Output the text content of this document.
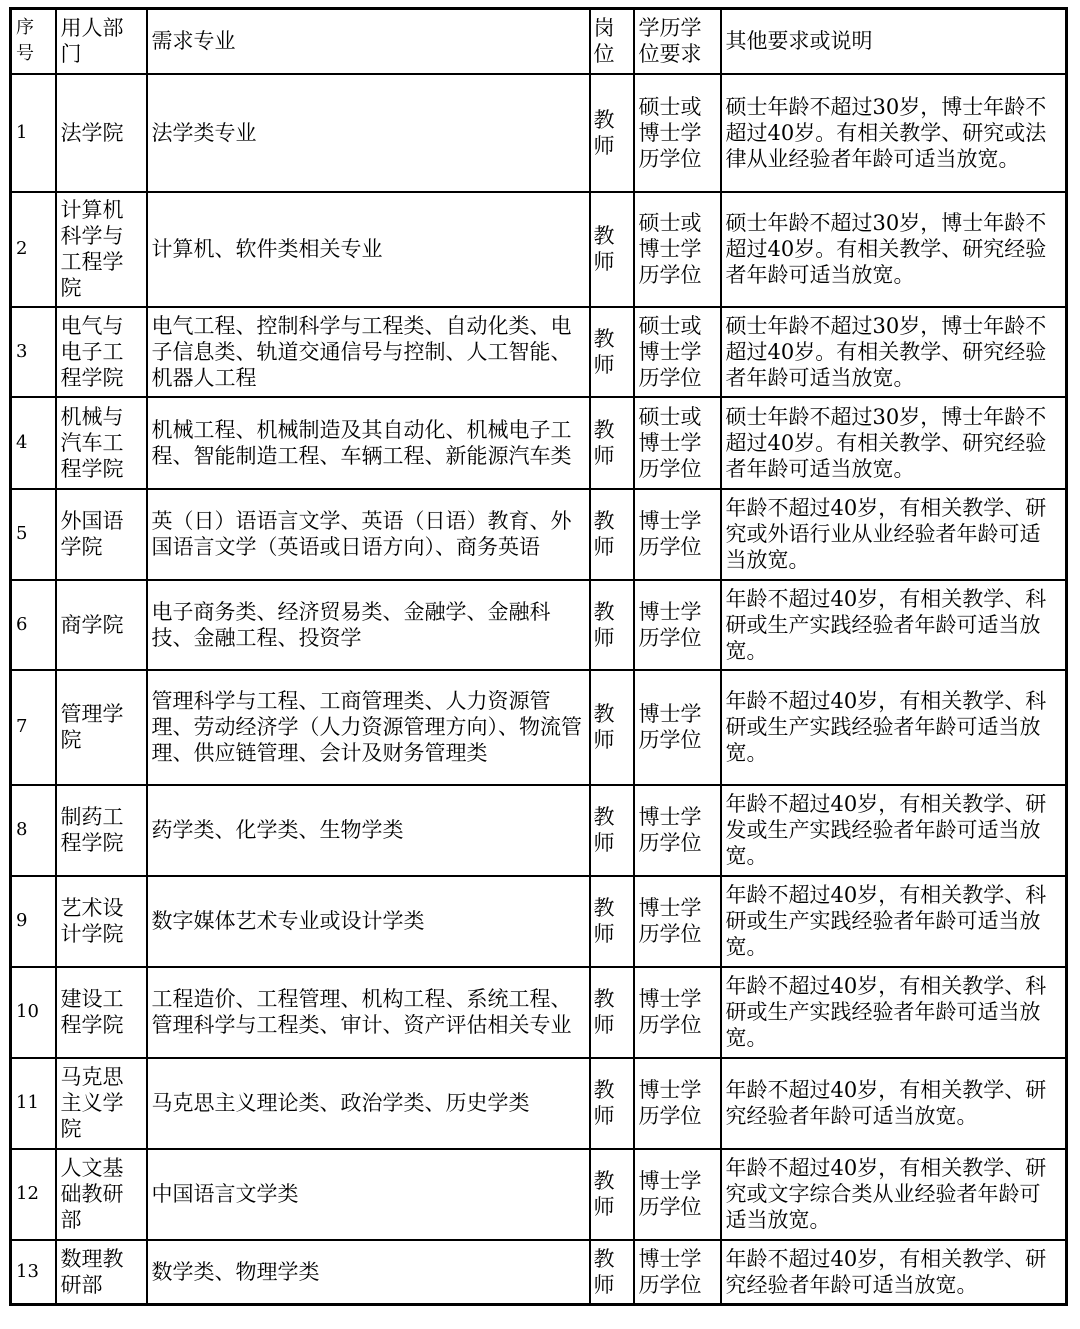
序号	用人部门	需求专业	岗位	学历学位要求	其他要求或说明
1	法学院	法学类专业	教师	硕士或博士学历学位	硕士年龄不超过30岁，博士年龄不超过40岁。有相关教学、研究或法律从业经验者年龄可适当放宽。
2	计算机科学与工程学院	计算机、软件类相关专业	教师	硕士或博士学历学位	硕士年龄不超过30岁，博士年龄不超过40岁。有相关教学、研究经验者年龄可适当放宽。
3	电气与电子工程学院	电气工程、控制科学与工程类、自动化类、电子信息类、轨道交通信号与控制、人工智能、机器人工程	教师	硕士或博士学历学位	硕士年龄不超过30岁，博士年龄不超过40岁。有相关教学、研究经验者年龄可适当放宽。
4	机械与汽车工程学院	机械工程、机械制造及其自动化、机械电子工程、智能制造工程、车辆工程、新能源汽车类	教师	硕士或博士学历学位	硕士年龄不超过30岁，博士年龄不超过40岁。有相关教学、研究经验者年龄可适当放宽。
5	外国语学院	英（日）语语言文学、英语（日语）教育、外国语言文学（英语或日语方向）、商务英语	教师	博士学历学位	年龄不超过40岁，有相关教学、研究或外语行业从业经验者年龄可适当放宽。
6	商学院	电子商务类、经济贸易类、金融学、金融科技、金融工程、投资学	教师	博士学历学位	年龄不超过40岁，有相关教学、科研或生产实践经验者年龄可适当放宽。
7	管理学院	管理科学与工程、工商管理类、人力资源管理、劳动经济学（人力资源管理方向）、物流管理、供应链管理、会计及财务管理类	教师	博士学历学位	年龄不超过40岁，有相关教学、科研或生产实践经验者年龄可适当放宽。
8	制药工程学院	药学类、化学类、生物学类	教师	博士学历学位	年龄不超过40岁，有相关教学、研发或生产实践经验者年龄可适当放宽。
9	艺术设计学院	数字媒体艺术专业或设计学类	教师	博士学历学位	年龄不超过40岁，有相关教学、科研或生产实践经验者年龄可适当放宽。
10	建设工程学院	工程造价、工程管理、机构工程、系统工程、管理科学与工程类、审计、资产评估相关专业	教师	博士学历学位	年龄不超过40岁，有相关教学、科研或生产实践经验者年龄可适当放宽。
11	马克思主义学院	马克思主义理论类、政治学类、历史学类	教师	博士学历学位	年龄不超过40岁，有相关教学、研究经验者年龄可适当放宽。
12	人文基础教研部	中国语言文学类	教师	博士学历学位	年龄不超过40岁，有相关教学、研究或文字综合类从业经验者年龄可适当放宽。
13	数理教研部	数学类、物理学类	教师	博士学历学位	年龄不超过40岁，有相关教学、研究经验者年龄可适当放宽。
